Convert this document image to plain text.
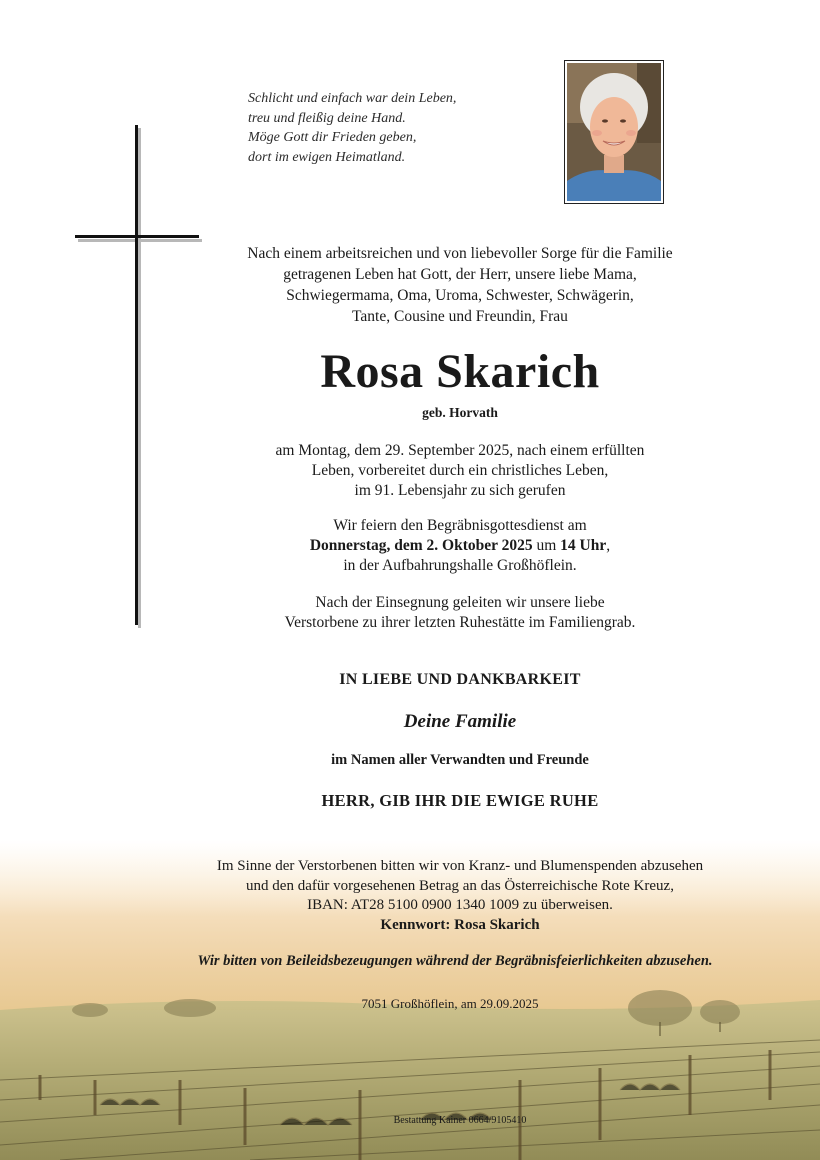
Schlicht und einfach war dein Leben,
treu und fleißig deine Hand.
Möge Gott dir Frieden geben,
dort im ewigen Heimatland.
Nach einem arbeitsreichen und von liebevoller Sorge für die Familie
getragenen Leben hat Gott, der Herr, unsere liebe Mama,
Schwiegermama, Oma, Uroma, Schwester, Schwägerin,
Tante, Cousine und Freundin, Frau
Rosa Skarich
geb. Horvath
am Montag, dem 29. September 2025, nach einem erfüllten
Leben, vorbereitet durch ein christliches Leben,
im 91. Lebensjahr zu sich gerufen
Wir feiern den Begräbnisgottesdienst am
Donnerstag, dem 2. Oktober 2025 um 14 Uhr,
in der Aufbahrungshalle Großhöflein.
Nach der Einsegnung geleiten wir unsere liebe
Verstorbene zu ihrer letzten Ruhestätte im Familiengrab.
IN LIEBE UND DANKBARKEIT
Deine Familie
im Namen aller Verwandten und Freunde
HERR, GIB IHR DIE EWIGE RUHE
Im Sinne der Verstorbenen bitten wir von Kranz- und Blumenspenden abzusehen
und den dafür vorgesehenen Betrag an das Österreichische Rote Kreuz,
IBAN: AT28 5100 0900 1340 1009 zu überweisen.
Kennwort: Rosa Skarich
Wir bitten von Beileidsbezeugungen während der Begräbnisfeierlichkeiten abzusehen.
7051 Großhöflein, am 29.09.2025
Bestattung Kainer 0664/9105410
